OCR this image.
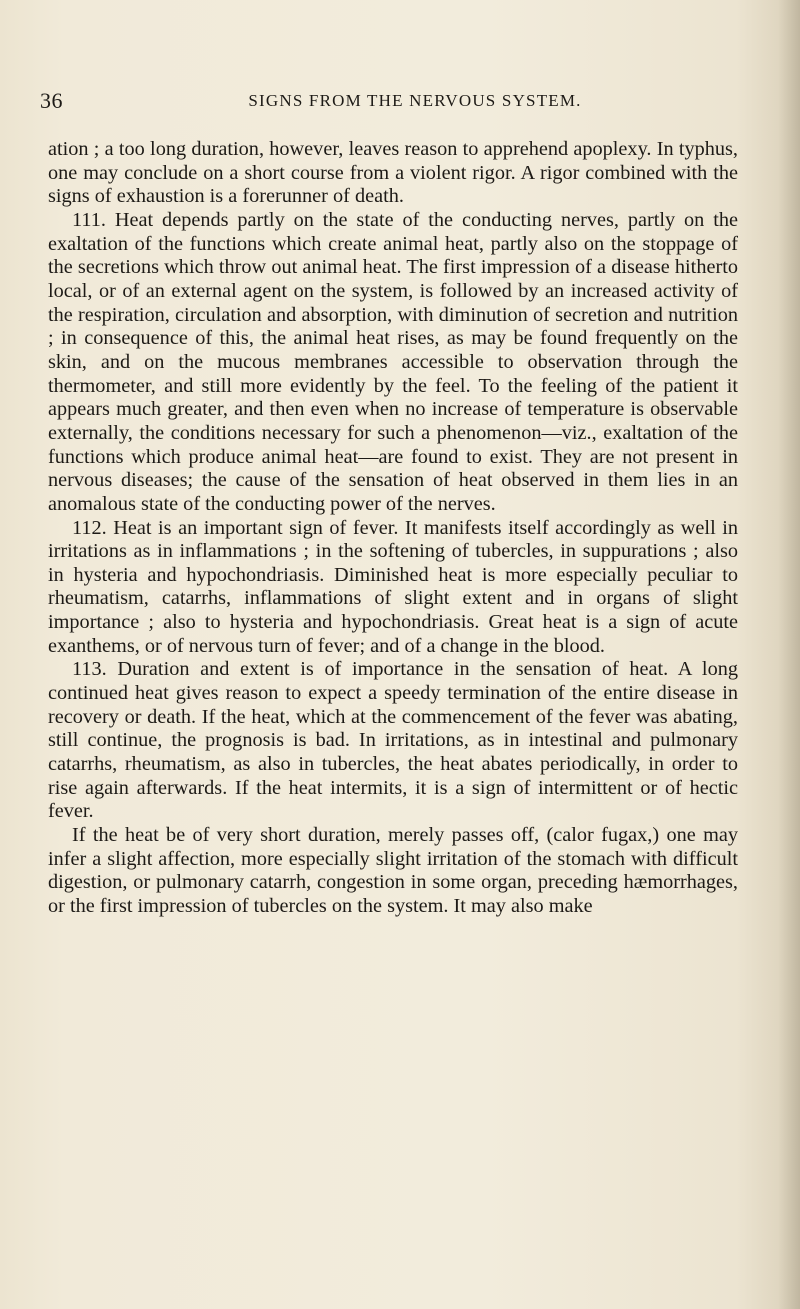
36	SIGNS FROM THE NERVOUS SYSTEM.

ation ; a too long duration, however, leaves reason to apprehend apoplexy. In typhus, one may conclude on a short course from a violent rigor. A rigor combined with the signs of exhaustion is a forerunner of death.

111. Heat depends partly on the state of the conducting nerves, partly on the exaltation of the functions which create animal heat, partly also on the stoppage of the secretions which throw out animal heat. The first impression of a disease hitherto local, or of an external agent on the system, is followed by an increased activity of the respiration, circulation and absorption, with diminution of secretion and nutrition ; in consequence of this, the animal heat rises, as may be found frequently on the skin, and on the mucous membranes accessible to observation through the thermometer, and still more evidently by the feel. To the feeling of the patient it appears much greater, and then even when no increase of temperature is observable externally, the conditions necessary for such a phenomenon—viz., exaltation of the functions which produce animal heat—are found to exist. They are not present in nervous diseases; the cause of the sensation of heat observed in them lies in an anomalous state of the conducting power of the nerves.

112. Heat is an important sign of fever. It manifests itself accordingly as well in irritations as in inflammations ; in the softening of tubercles, in suppurations ; also in hysteria and hypochondriasis. Diminished heat is more especially peculiar to rheumatism, catarrhs, inflammations of slight extent and in organs of slight importance ; also to hysteria and hypochondriasis. Great heat is a sign of acute exanthems, or of nervous turn of fever; and of a change in the blood.

113. Duration and extent is of importance in the sensation of heat. A long continued heat gives reason to expect a speedy termination of the entire disease in recovery or death. If the heat, which at the commencement of the fever was abating, still continue, the prognosis is bad. In irritations, as in intestinal and pulmonary catarrhs, rheumatism, as also in tubercles, the heat abates periodically, in order to rise again afterwards. If the heat intermits, it is a sign of intermittent or of hectic fever.

If the heat be of very short duration, merely passes off, (calor fugax,) one may infer a slight affection, more especially slight irritation of the stomach with difficult digestion, or pulmonary catarrh, congestion in some organ, preceding hæmorrhages, or the first impression of tubercles on the system. It may also make
